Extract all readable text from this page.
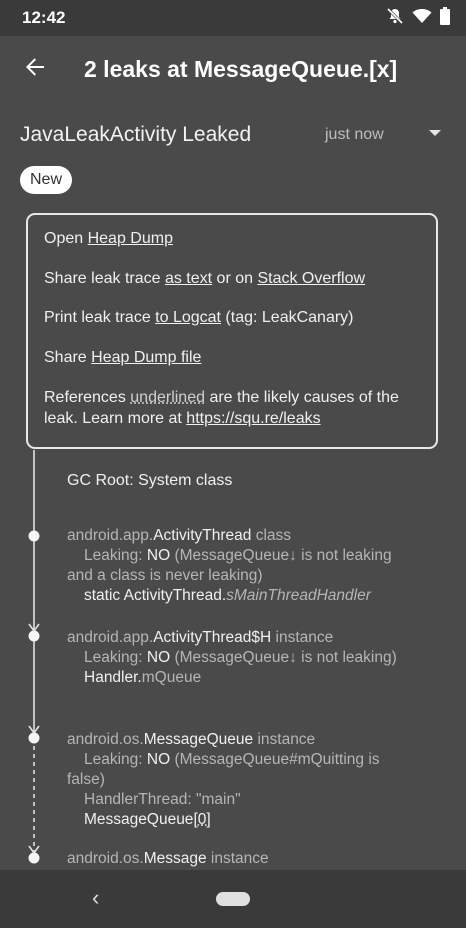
12:42
2 leaks at MessageQueue.[x]
JavaLeakActivity Leaked	just now
New
Open Heap Dump
Share leak trace as text or on Stack Overflow
Print leak trace to Logcat (tag: LeakCanary)
Share Heap Dump file
References underlined are the likely causes of the leak. Learn more at https://squ.re/leaks
GC Root: System class
android.app.ActivityThread class
Leaking: NO (MessageQueue↓ is not leaking and a class is never leaking)
static ActivityThread.sMainThreadHandler
android.app.ActivityThread$H instance
Leaking: NO (MessageQueue↓ is not leaking)
Handler.mQueue
android.os.MessageQueue instance
Leaking: NO (MessageQueue#mQuitting is false)
HandlerThread: "main"
MessageQueue[0]
android.os.Message instance
‹
